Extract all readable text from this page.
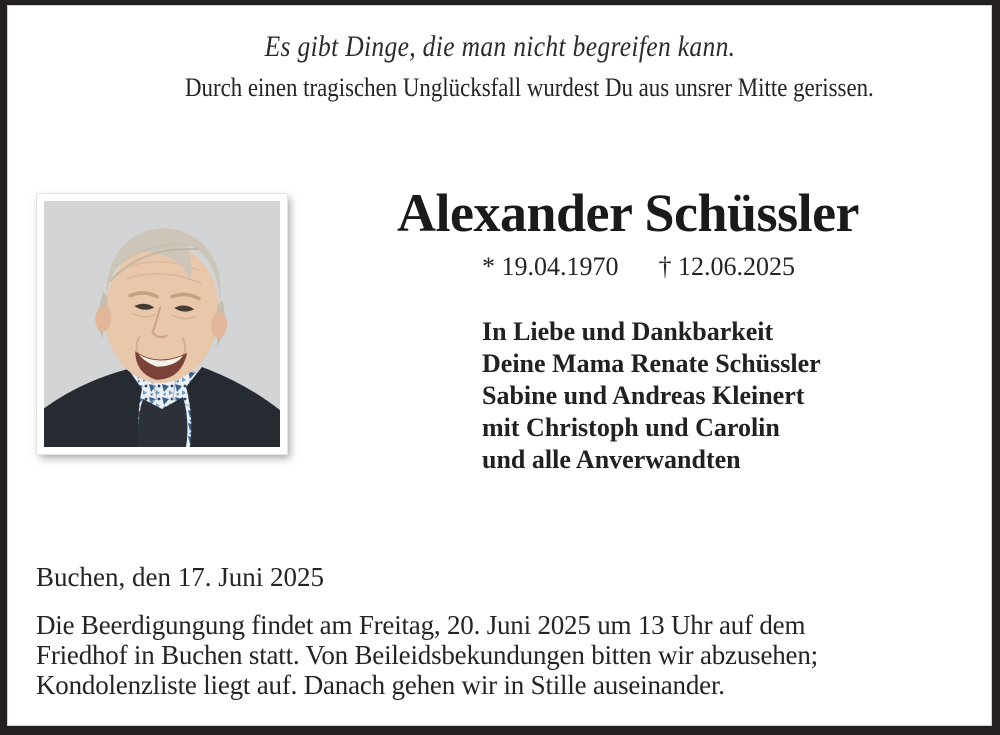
Es gibt Dinge, die man nicht begreifen kann.
Durch einen tragischen Unglücksfall wurdest Du aus unsrer Mitte gerissen.
Alexander Schüssler
* 19.04.1970 † 12.06.2025
In Liebe und Dankbarkeit
Deine Mama Renate Schüssler
Sabine und Andreas Kleinert
mit Christoph und Carolin
und alle Anverwandten
Buchen, den 17. Juni 2025
Die Beerdigungung findet am Freitag, 20. Juni 2025 um 13 Uhr auf dem
Friedhof in Buchen statt. Von Beileidsbekundungen bitten wir abzusehen;
Kondolenzliste liegt auf. Danach gehen wir in Stille auseinander.
